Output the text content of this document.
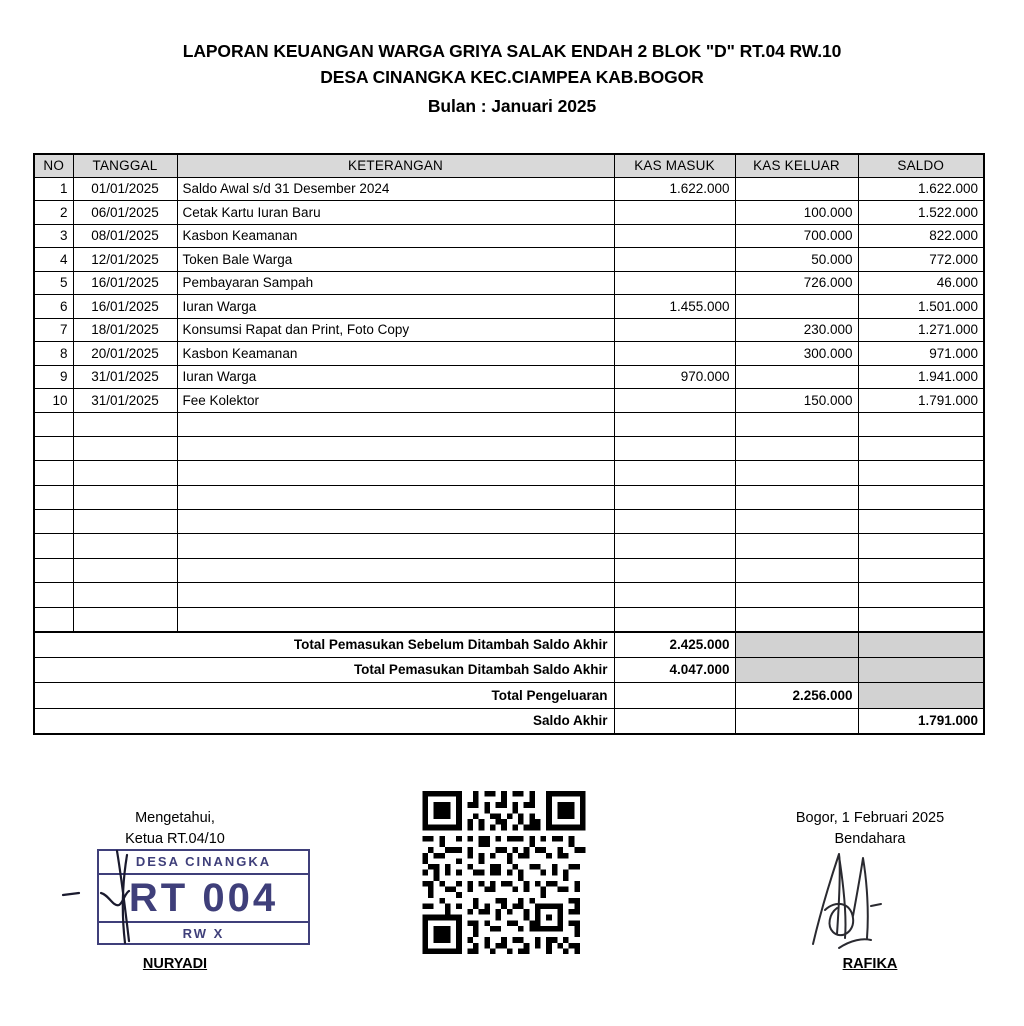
LAPORAN KEUANGAN WARGA GRIYA SALAK ENDAH 2 BLOK "D" RT.04 RW.10
DESA CINANGKA KEC.CIAMPEA KAB.BOGOR
Bulan : Januari 2025
NO	TANGGAL	KETERANGAN	KAS MASUK	KAS KELUAR	SALDO
1	01/01/2025	Saldo Awal s/d 31 Desember 2024	1.622.000		1.622.000
2	06/01/2025	Cetak Kartu Iuran Baru		100.000	1.522.000
3	08/01/2025	Kasbon Keamanan		700.000	822.000
4	12/01/2025	Token Bale Warga		50.000	772.000
5	16/01/2025	Pembayaran Sampah		726.000	46.000
6	16/01/2025	Iuran Warga	1.455.000		1.501.000
7	18/01/2025	Konsumsi Rapat dan Print, Foto Copy		230.000	1.271.000
8	20/01/2025	Kasbon Keamanan		300.000	971.000
9	31/01/2025	Iuran Warga	970.000		1.941.000
10	31/01/2025	Fee Kolektor		150.000	1.791.000

Total Pemasukan Sebelum Ditambah Saldo Akhir			2.425.000		
Total Pemasukan Ditambah Saldo Akhir			4.047.000		
Total Pengeluaran				2.256.000	
Saldo Akhir					1.791.000
Mengetahui,
Ketua RT.04/10
Bogor, 1 Februari 2025
Bendahara
DESA CINANGKA
RT 004
RW X
NURYADI	RAFIKA
